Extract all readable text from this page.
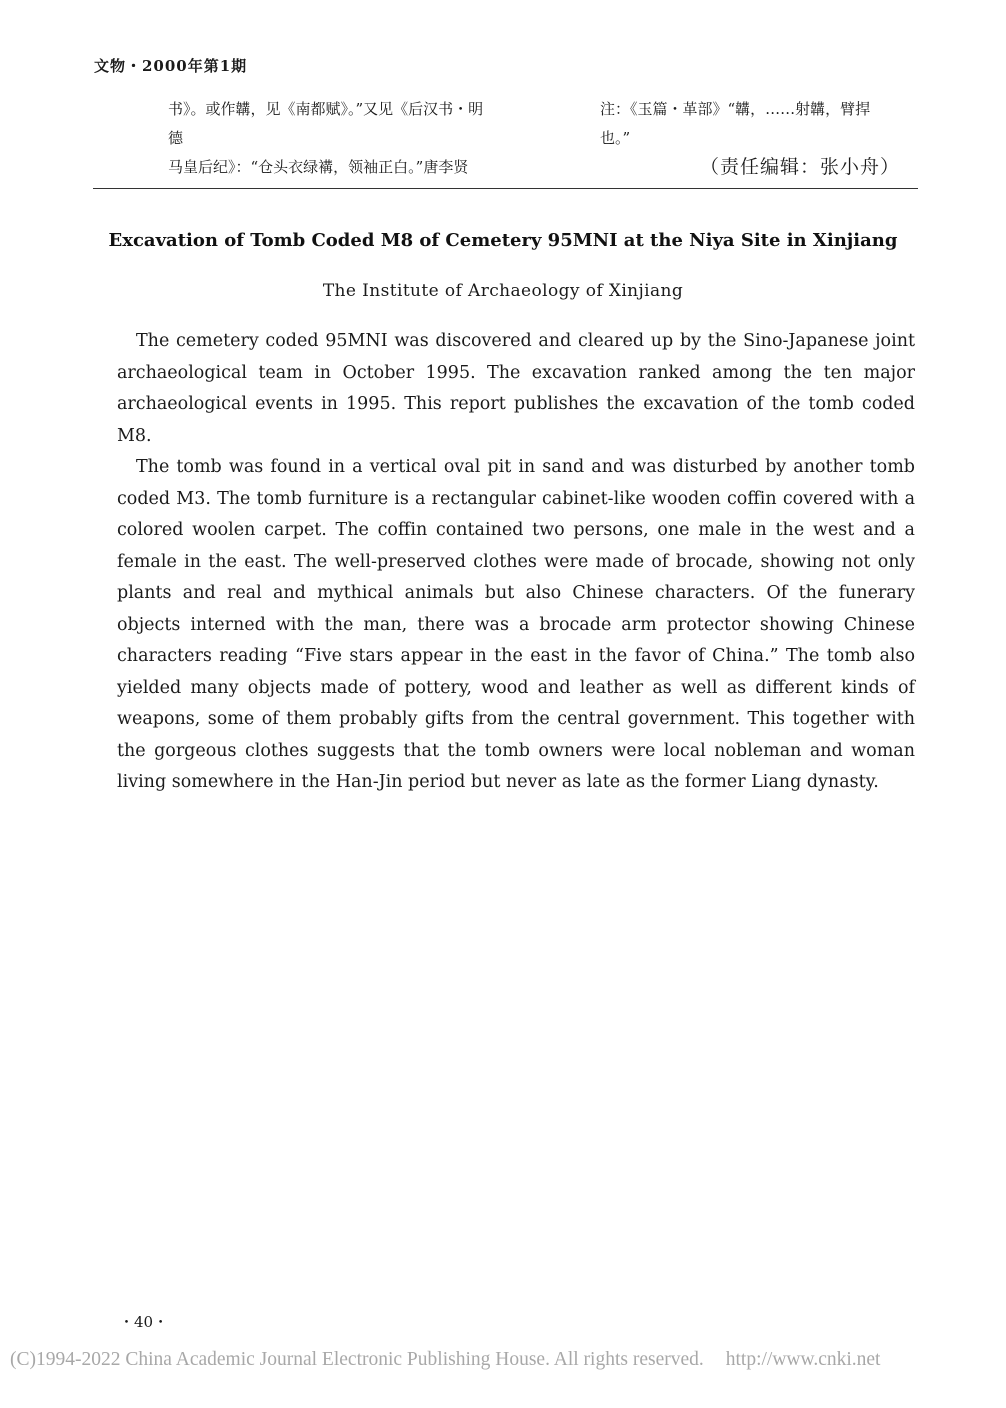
文物・2000年第1期
书》。或作韝，见《南都赋》。”又见《后汉书・明德
马皇后纪》：“仓头衣绿褠，领袖正白。”唐李贤
注：《玉篇・革部》“韝，……射韝，臂捍也。”
（责任编辑：张小舟）
Excavation of Tomb Coded M8 of Cemetery 95MNI at the Niya Site in Xinjiang
The Institute of Archaeology of Xinjiang

The cemetery coded 95MNI was discovered and cleared up by the Sino-Japanese joint archaeological team in October 1995. The excavation ranked among the ten major archaeological events in 1995. This report publishes the excavation of the tomb coded M8.

The tomb was found in a vertical oval pit in sand and was disturbed by another tomb coded M3. The tomb furniture is a rectangular cabinet-like wooden coffin covered with a colored woolen carpet. The coffin contained two persons, one male in the west and a female in the east. The well-preserved clothes were made of brocade, showing not only plants and real and mythical animals but also Chinese characters. Of the funerary objects interned with the man, there was a brocade arm protector showing Chinese characters reading “Five stars appear in the east in the favor of China.” The tomb also yielded many objects made of pottery, wood and leather as well as different kinds of weapons, some of them probably gifts from the central government. This together with the gorgeous clothes suggests that the tomb owners were local nobleman and woman living somewhere in the Han-Jin period but never as late as the former Liang dynasty.

・40・
(C)1994-2022 China Academic Journal Electronic Publishing House. All rights reserved. http://www.cnki.net
